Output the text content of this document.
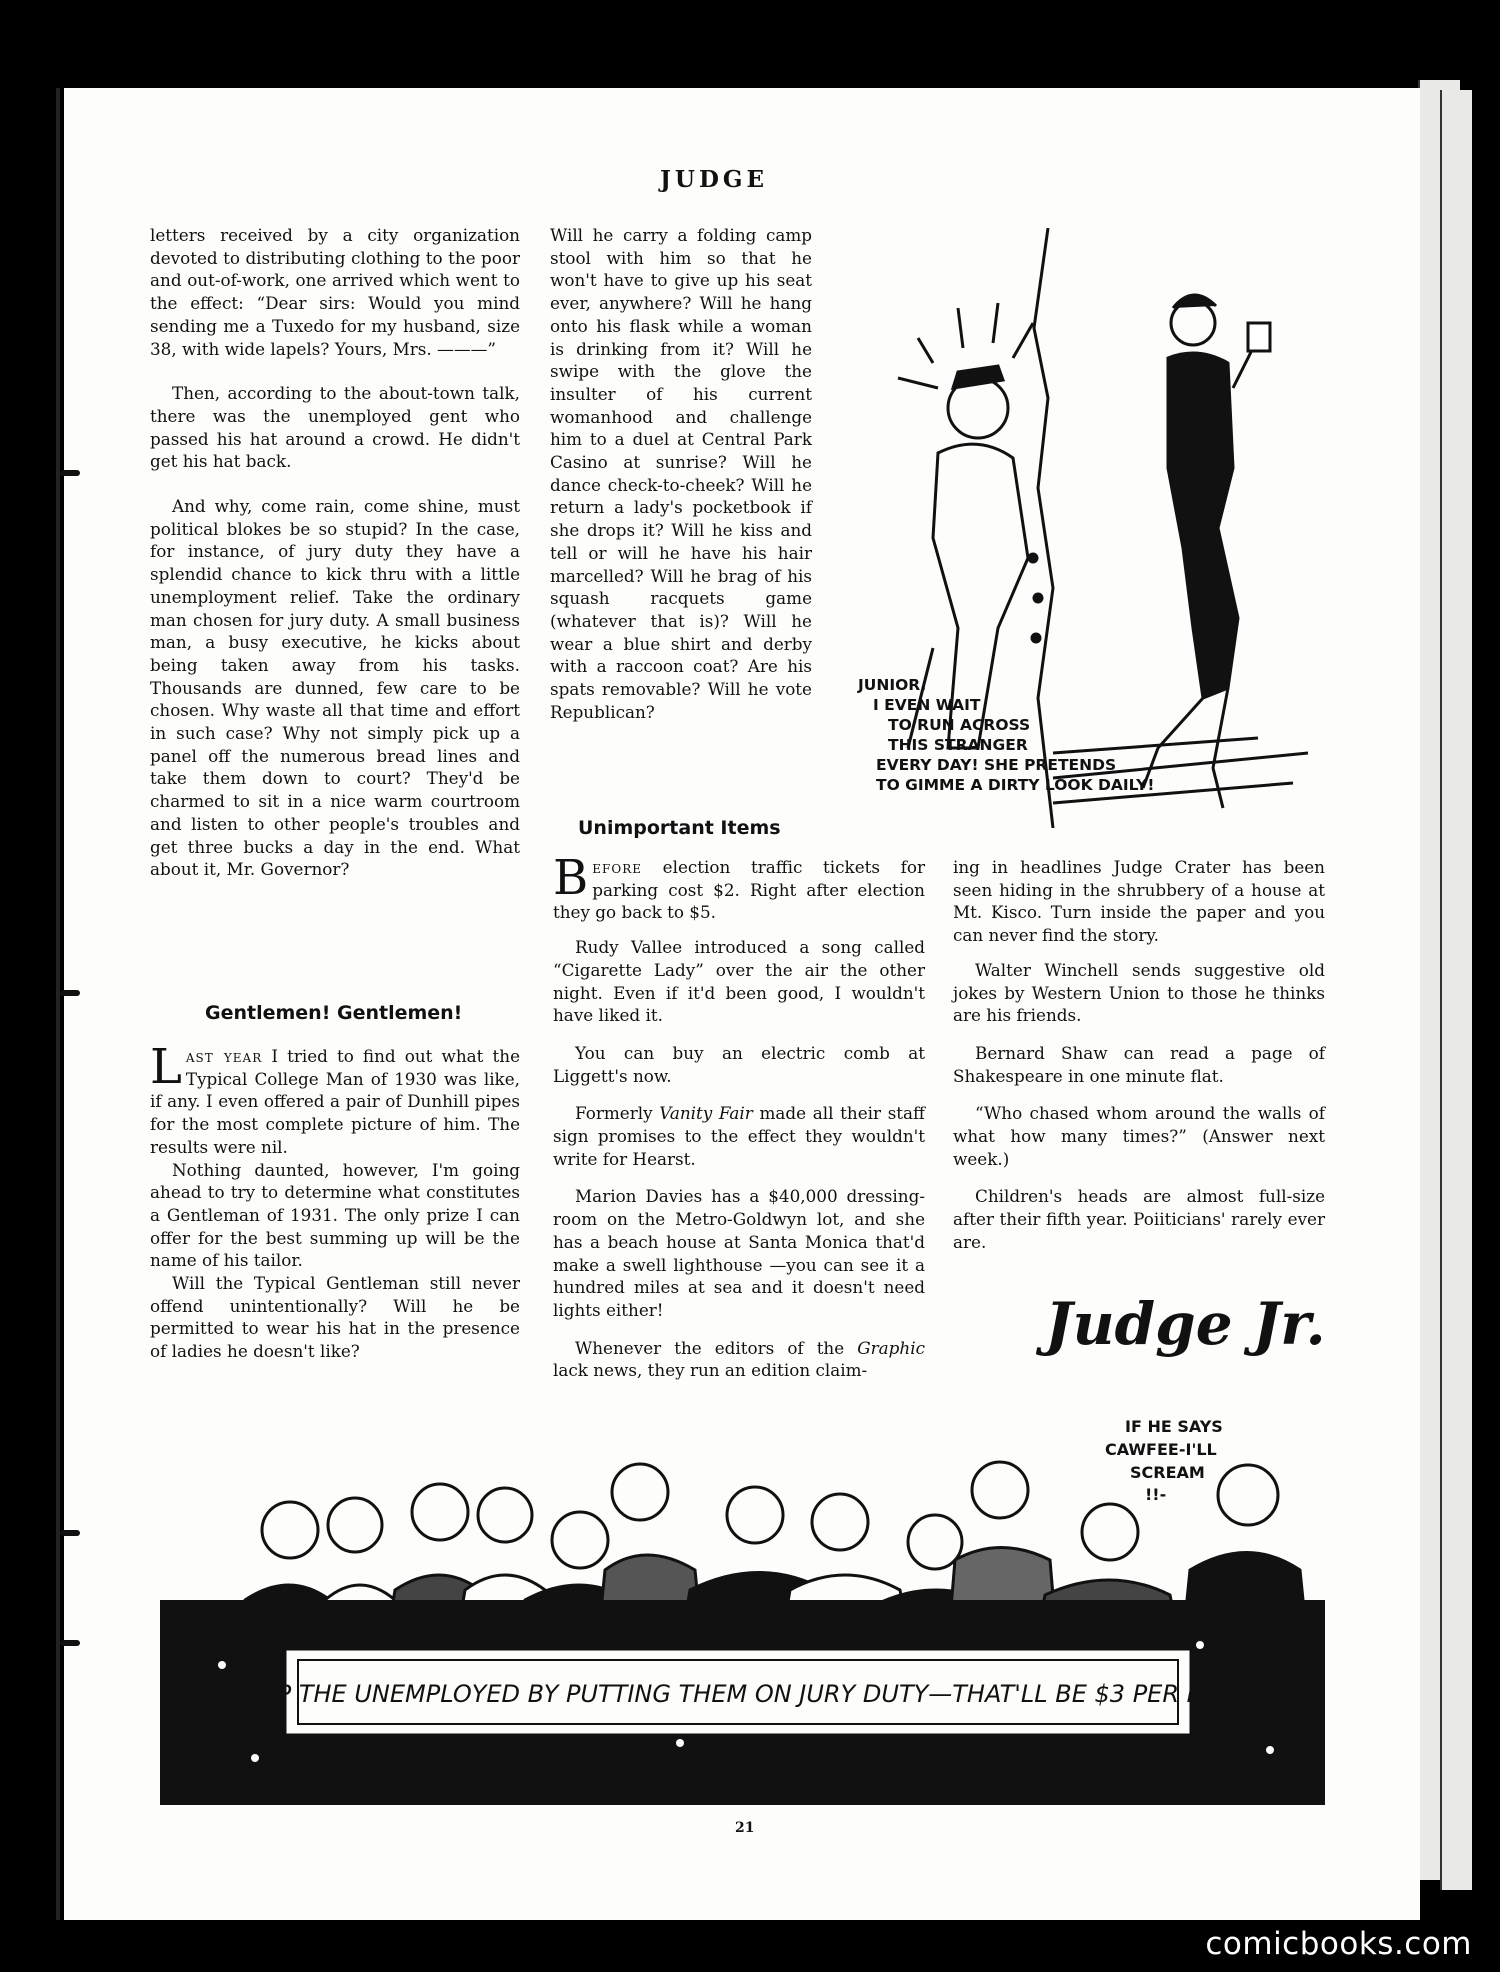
JUDGE

letters received by a city organization devoted to distributing clothing to the poor and out-of-work, one arrived which went to the effect: “Dear sirs: Would you mind sending me a Tuxedo for my husband, size 38, with wide lapels? Yours, Mrs. ———”

Then, according to the about-town talk, there was the unemployed gent who passed his hat around a crowd. He didn't get his hat back.

And why, come rain, come shine, must political blokes be so stupid? In the case, for instance, of jury duty they have a splendid chance to kick thru with a little unemployment relief. Take the ordinary man chosen for jury duty. A small business man, a busy executive, he kicks about being taken away from his tasks. Thousands are dunned, few care to be chosen. Why waste all that time and effort in such case? Why not simply pick up a panel off the numerous bread lines and take them down to court? They'd be charmed to sit in a nice warm courtroom and listen to other people's troubles and get three bucks a day in the end. What about it, Mr. Governor?

Gentlemen! Gentlemen!

Last year I tried to find out what the Typical College Man of 1930 was like, if any. I even offered a pair of Dunhill pipes for the most complete picture of him. The results were nil.

Nothing daunted, however, I'm going ahead to try to determine what constitutes a Gentleman of 1931. The only prize I can offer for the best summing up will be the name of his tailor.

Will the Typical Gentleman still never offend unintentionally? Will he be permitted to wear his hat in the presence of ladies he doesn't like?

Will he carry a folding camp stool with him so that he won't have to give up his seat ever, anywhere? Will he hang onto his flask while a woman is drinking from it? Will he swipe with the glove the insulter of his current womanhood and challenge him to a duel at Central Park Casino at sunrise? Will he dance check-to-cheek? Will he return a lady's pocketbook if she drops it? Will he kiss and tell or will he have his hair marcelled? Will he brag of his squash racquets game (whatever that is)? Will he wear a blue shirt and derby with a raccoon coat? Are his spats removable? Will he vote Republican?

Unimportant Items

Before election traffic tickets for parking cost $2. Right after election they go back to $5.

Rudy Vallee introduced a song called “Cigarette Lady” over the air the other night. Even if it'd been good, I wouldn't have liked it.

You can buy an electric comb at Liggett's now.

Formerly Vanity Fair made all their staff sign promises to the effect they wouldn't write for Hearst.

Marion Davies has a $40,000 dressing-room on the Metro-Goldwyn lot, and she has a beach house at Santa Monica that'd make a swell lighthouse —you can see it a hundred miles at sea and it doesn't need lights either!

Whenever the editors of the Graphic lack news, they run an edition claim-

ing in headlines Judge Crater has been seen hiding in the shrubbery of a house at Mt. Kisco. Turn inside the paper and you can never find the story.

Walter Winchell sends suggestive old jokes by Western Union to those he thinks are his friends.

Bernard Shaw can read a page of Shakespeare in one minute flat.

“Who chased whom around the walls of what how many times?” (Answer next week.)

Children's heads are almost full-size after their fifth year. Poiiticians' rarely ever are.

Judge Jr.
JUNIOR,
I EVEN WAIT
TO RUN ACROSS
THIS STRANGER
EVERY DAY! SHE PRETENDS
TO GIMME A DIRTY LOOK DAILY!
HELP THE UNEMPLOYED BY PUTTING THEM ON JURY DUTY—THAT'LL BE $3 PER DAY!
IF HE SAYS
CAWFEE-I'LL
SCREAM
!!-
21
comicbooks.com
